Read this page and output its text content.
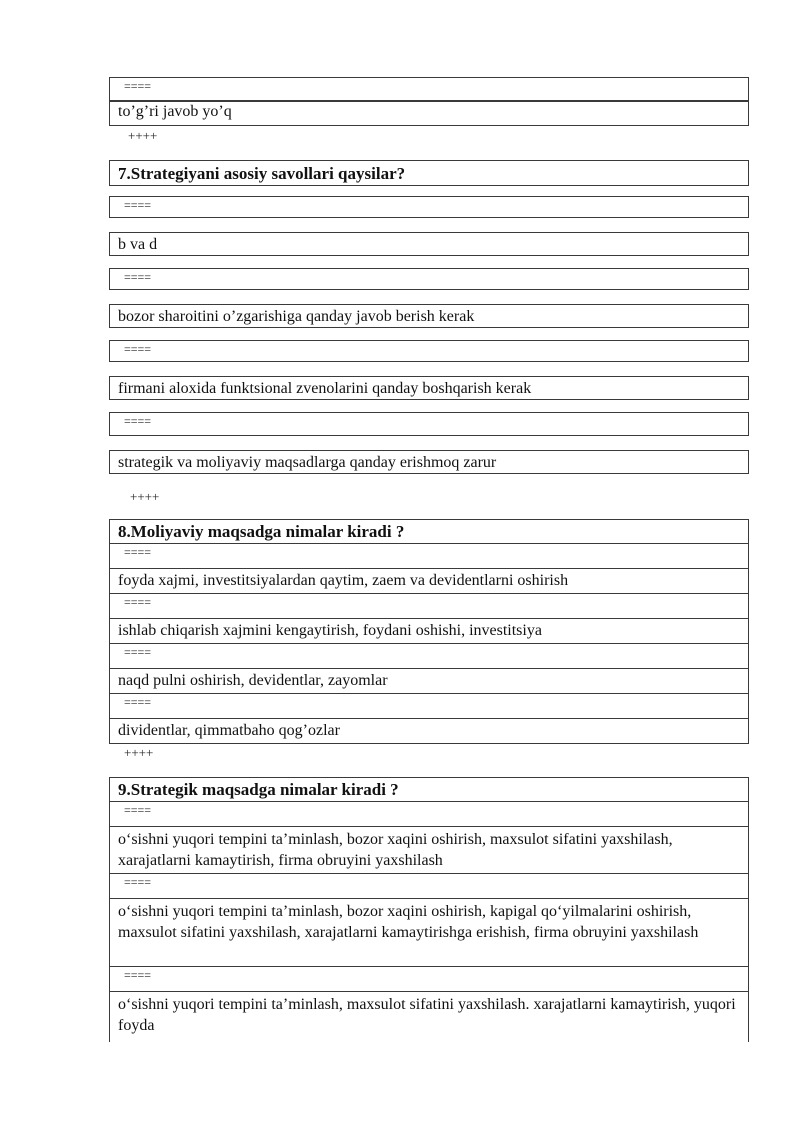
====
to’g’ri javob yo’q
++++
7.Strategiyani asosiy savollari qaysilar?
====
b va d
====
bozor sharoitini o’zgarishiga qanday javob berish kerak
====
firmani aloxida funktsional zvenolarini qanday boshqarish kerak
====
strategik va moliyaviy maqsadlarga qanday erishmoq zarur
++++
8.Moliyaviy maqsadga nimalar kiradi ?
====
foyda xajmi, investitsiyalardan qaytim, zaem va devidentlarni oshirish
====
ishlab chiqarish xajmini kengaytirish, foydani oshishi, investitsiya
====
naqd pulni oshirish, devidentlar, zayomlar
====
dividentlar, qimmatbaho qog’ozlar
++++
9.Strategik maqsadga nimalar kiradi ?
====
o‘sishni yuqori tempini ta’minlash, bozor xaqini oshirish, maxsulot sifatini yaxshilash, xarajatlarni kamaytirish, firma obruyini yaxshilash
====
o‘sishni yuqori tempini ta’minlash, bozor xaqini oshirish, kapigal qo‘yilmalarini oshirish, maxsulot sifatini yaxshilash, xarajatlarni kamaytirishga erishish, firma obruyini yaxshilash
====
o‘sishni yuqori tempini ta’minlash, maxsulot sifatini yaxshilash. xarajatlarni kamaytirish, yuqori foyda
